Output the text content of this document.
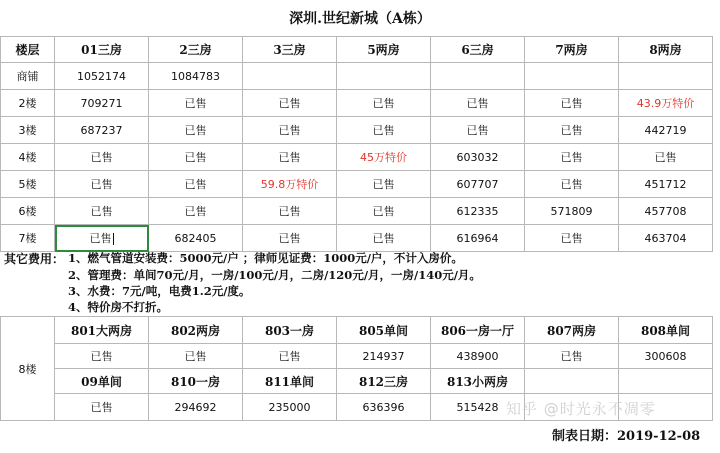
深圳.世纪新城（A栋）
楼层	01三房	2三房	3三房	5两房	6三房	7两房	8两房
商铺	1052174	1084783					
2楼	709271	已售	已售	已售	已售	已售	43.9万特价
3楼	687237	已售	已售	已售	已售	已售	442719
4楼	已售	已售	已售	45万特价	603032	已售	已售
5楼	已售	已售	59.8万特价	已售	607707	已售	451712
6楼	已售	已售	已售	已售	612335	571809	457708
7楼	已售	682405	已售	已售	616964	已售	463704
其它费用： 1、燃气管道安装费：5000元/户 ；律师见证费：1000元/户，不计入房价。
2、管理费：单间70元/月，一房/100元/月，二房/120元/月，一房/140元/月。
3、水费：7元/吨，电费1.2元/度。
4、特价房不打折。
8楼	801大两房	802两房	803一房	805单间	806一房一厅	807两房	808单间
	已售	已售	已售	214937	438900	已售	300608
	09单间	810一房	811单间	812三房	813小两房		
	已售	294692	235000	636396	515428		知乎 @时光永不凋零
制表日期：2019-12-08
